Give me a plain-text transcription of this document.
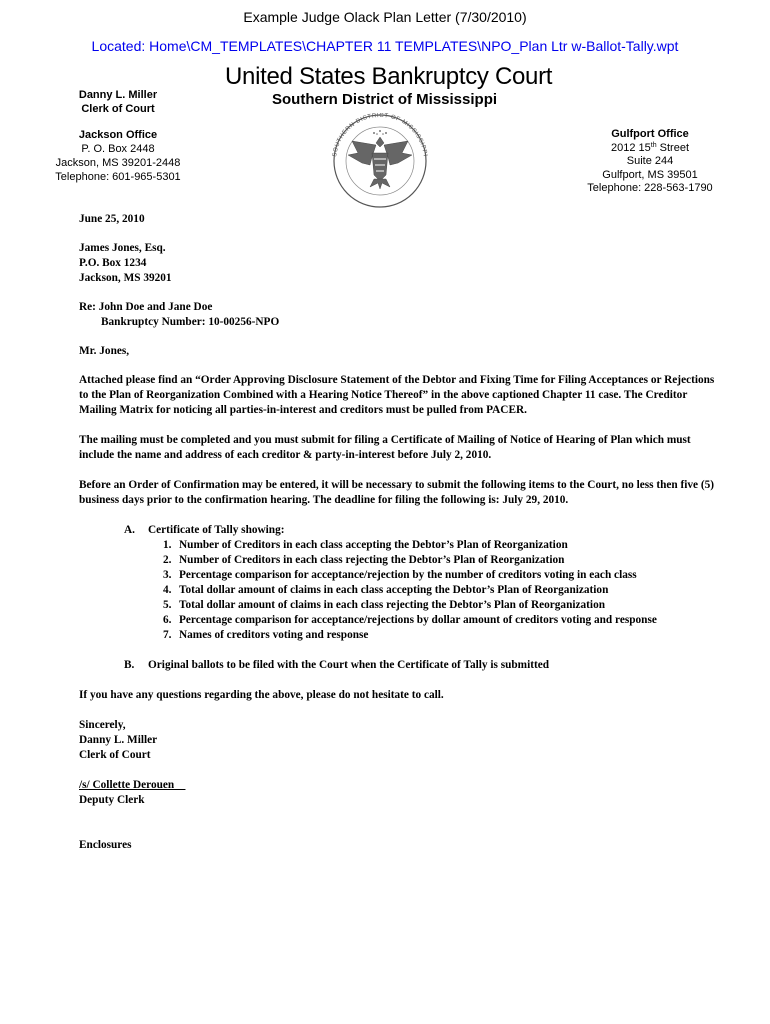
Example Judge Olack Plan Letter (7/30/2010)
Located: Home\CM_TEMPLATES\CHAPTER 11 TEMPLATES\NPO_Plan Ltr w-Ballot-Tally.wpt
United States Bankruptcy Court
Southern District of Mississippi
Danny L. Miller
Clerk of Court
Jackson Office
P. O. Box 2448
Jackson, MS 39201-2448
Telephone: 601-965-5301
Gulfport Office
2012 15th Street
Suite 244
Gulfport, MS 39501
Telephone: 228-563-1790
SOUTHERN DISTRICT OF MISSISSIPPI

June 25, 2010

James Jones, Esq.

P.O. Box 1234

Jackson, MS 39201

Re: John Doe and Jane Doe

Bankruptcy Number: 10-00256-NPO

Mr. Jones,

Attached please find an “Order Approving Disclosure Statement of the Debtor and Fixing Time for Filing Acceptances or Rejections to the Plan of Reorganization Combined with a Hearing Notice Thereof” in the above captioned Chapter 11 case. The Creditor Mailing Matrix for noticing all parties-in-interest and creditors must be pulled from PACER.

The mailing must be completed and you must submit for filing a Certificate of Mailing of Notice of Hearing of Plan which must include the name and address of each creditor & party-in-interest before July 2, 2010.

Before an Order of Confirmation may be entered, it will be necessary to submit the following items to the Court, no less then five (5) business days prior to the confirmation hearing. The deadline for filing the following is: July 29, 2010.

A.	Certificate of Tally showing:
1. Number of Creditors in each class accepting the Debtor’s Plan of Reorganization
2. Number of Creditors in each class rejecting the Debtor’s Plan of Reorganization
3. Percentage comparison for acceptance/rejection by the number of creditors voting in each class
4. Total dollar amount of claims in each class accepting the Debtor’s Plan of Reorganization
5. Total dollar amount of claims in each class rejecting the Debtor’s Plan of Reorganization
6. Percentage comparison for acceptance/rejections by dollar amount of creditors voting and response
7. Names of creditors voting and response
B.	Original ballots to be filed with the Court when the Certificate of Tally is submitted

If you have any questions regarding the above, please do not hesitate to call.

Sincerely,

Danny L. Miller

Clerk of Court

/s/ Collette Derouen

Deputy Clerk

Enclosures
